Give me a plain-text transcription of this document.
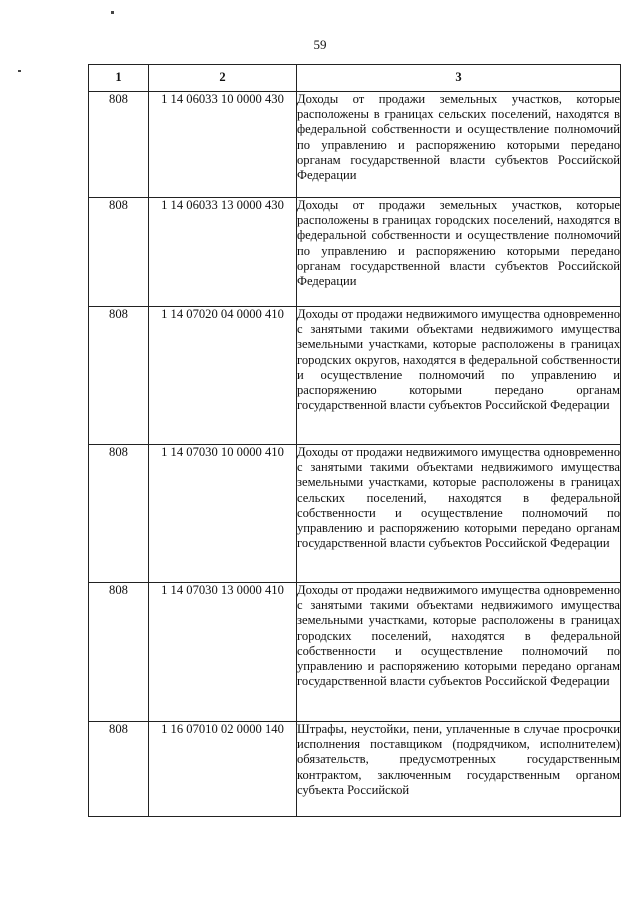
59
1	2	3
808	1 14 06033 10 0000 430	Доходы от продажи земельных участков, которые расположены в границах сельских поселений, находятся в федеральной собственности и осуществление полномочий по управлению и распоряжению которыми передано органам государственной власти субъектов Российской Федерации
808	1 14 06033 13 0000 430	Доходы от продажи земельных участков, которые расположены в границах городских поселений, находятся в федеральной собственности и осуществление полномочий по управлению и распоряжению которыми передано органам государственной власти субъектов Российской Федерации
808	1 14 07020 04 0000 410	Доходы от продажи недвижимого имущества одновременно с занятыми такими объектами недвижимого имущества земельными участками, которые расположены в границах городских округов, находятся в федеральной собственности и осуществление полномочий по управлению и распоряжению которыми передано органам государственной власти субъектов Российской Федерации
808	1 14 07030 10 0000 410	Доходы от продажи недвижимого имущества одновременно с занятыми такими объектами недвижимого имущества земельными участками, которые расположены в границах сельских поселений, находятся в федеральной собственности и осуществление полномочий по управлению и распоряжению которыми передано органам государственной власти субъектов Российской Федерации
808	1 14 07030 13 0000 410	Доходы от продажи недвижимого имущества одновременно с занятыми такими объектами недвижимого имущества земельными участками, которые расположены в границах городских поселений, находятся в федеральной собственности и осуществление полномочий по управлению и распоряжению которыми передано органам государственной власти субъектов Российской Федерации
808	1 16 07010 02 0000 140	Штрафы, неустойки, пени, уплаченные в случае просрочки исполнения поставщиком (подрядчиком, исполнителем) обязательств, предусмотренных государственным контрактом, заключенным государственным органом субъекта Российской
